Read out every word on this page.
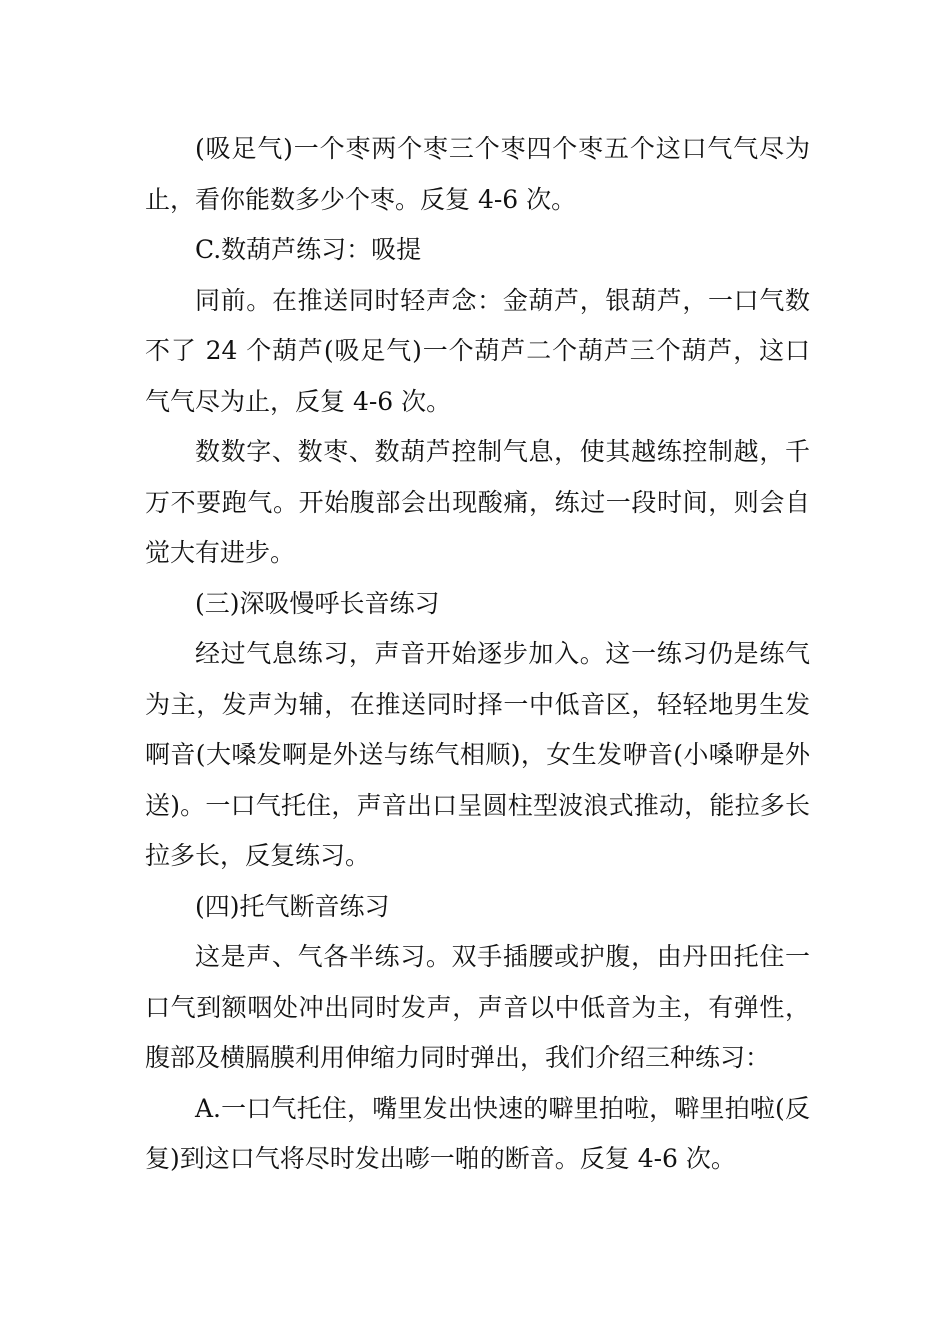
(吸足气)一个枣两个枣三个枣四个枣五个这口气气尽为止，看你能数多少个枣。反复 4-6 次。

C.数葫芦练习：吸提

同前。在推送同时轻声念：金葫芦，银葫芦，一口气数不了 24 个葫芦(吸足气)一个葫芦二个葫芦三个葫芦，这口气气尽为止，反复 4-6 次。

数数字、数枣、数葫芦控制气息，使其越练控制越，千万不要跑气。开始腹部会出现酸痛，练过一段时间，则会自觉大有进步。

(三)深吸慢呼长音练习

经过气息练习，声音开始逐步加入。这一练习仍是练气为主，发声为辅，在推送同时择一中低音区，轻轻地男生发啊音(大嗓发啊是外送与练气相顺)，女生发咿音(小嗓咿是外送)。一口气托住，声音出口呈圆柱型波浪式推动，能拉多长拉多长，反复练习。

(四)托气断音练习

这是声、气各半练习。双手插腰或护腹，由丹田托住一口气到额咽处冲出同时发声，声音以中低音为主，有弹性，腹部及横膈膜利用伸缩力同时弹出，我们介绍三种练习：

A.一口气托住，嘴里发出快速的噼里拍啦，噼里拍啦(反复)到这口气将尽时发出嘭一啪的断音。反复 4-6 次。
